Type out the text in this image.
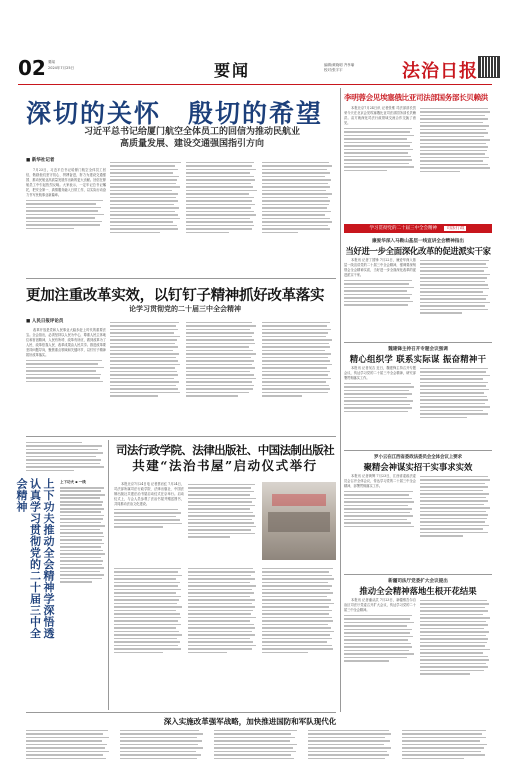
02 2024年7月25日
要闻	要闻	编辑/黄晓明 齐孝瑜
校对/张宇宇	法治日报
深切的关怀　殷切的希望
习近平总书记给厦门航空全体员工的回信为推动民航业
高质量发展、建设交通强国指引方向
■ 新华社记者

7月23日，习近平总书记给厦门航空全体员工回信，勉励他们坚守初心、拼搏奋进，努力为建设交通强国、推动民航业高质量发展作出新的更大贡献。回信在厦航员工中引起热烈反响。大家表示，一定牢记总书记嘱托，把安全第一、真情服务融入日常工作，以实际行动奋力书写民航事业新篇章。

更加注重改革实效，以钉钉子精神抓好改革落实
论学习贯彻党的二十届三中全会精神
■ 人民日报评论员

改革开放是党和人民事业大踏步赶上时代的重要法宝。全会指出，必须坚持以人民为中心，尊重人民主体地位和首创精神，人民有所呼、改革有所应，做到改革为了人民、改革依靠人民、改革成果由人民共享。推进改革要坚持问题导向，聚焦重点领域和关键环节，以钉钉子精神抓好改革落实。

上下功夫推动全会精神学深悟透认真学习贯彻党的二十届三中全会精神	上下功夫 ▪ 一线
司法行政学院、法律出版社、中国法制出版社
共建“法治书屋”启动仪式举行

本报北京7月24日电 记者蔡岩红 7月24日，司法部所属司法行政学院、法律出版社、中国法制出版社共建法治书屋启动仪式在京举行。启动仪式上，与会人员参观了法治书屋并赠送图书，共同推动法治文化建设。

深入实施改革强军战略，加快推进国防和军队现代化
李明蓉会见埃塞俄比亚司法部国务部长贝赖洪

本报北京7月24日讯 记者张维 司法部部长贺荣今天在北京会见埃塞俄比亚司法部国务部长贝赖洪。双方就深化司法行政领域交流合作交换了意见。

学习贯彻党的二十届三中全会精神 司法行政
廉爱华深入马鞍山基层一线宣讲全会精神指出
当好进一步全面深化改革的促进派实干家

本报讯 记者丁国锋 7月22日，廉爱华深入基层一线宣讲党的二十届三中全会精神，强调要深刻领会全会精神实质，当好进一步全面深化改革的促进派实干家。

魏建锋主持召开专题会议强调
精心组织学 联系实际谋 振奋精神干

本报讯 记者吴吉 近日，魏建锋主持召开专题会议，传达学习党的二十届三中全会精神，研究部署贯彻落实工作。

罗小云在江西省委政法委员会全体会议上要求
聚精会神谋实招干实事求实效

本报讯 记者黄辉 7月23日，江西省委政法委员会召开全体会议，传达学习党的二十届三中全会精神，部署贯彻落实工作。

新疆司法厅党委扩大会议提出
推动全会精神落地生根开花结果

本报讯 记者潘从武 7月23日，新疆维吾尔自治区司法厅党委召开扩大会议，传达学习党的二十届三中全会精神。
